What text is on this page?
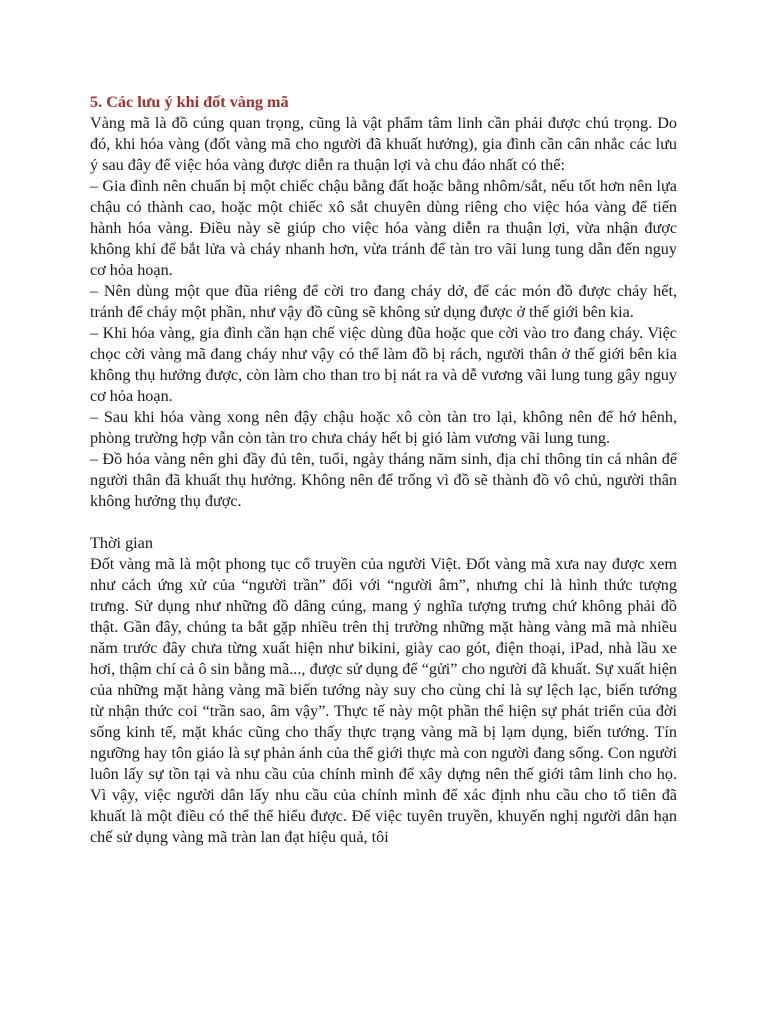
5. Các lưu ý khi đốt vàng mã

Vàng mã là đồ cúng quan trọng, cũng là vật phẩm tâm linh cần phải được chú trọng. Do đó, khi hóa vàng (đốt vàng mã cho người đã khuất hưởng), gia đình cần cân nhắc các lưu ý sau đây để việc hóa vàng được diễn ra thuận lợi và chu đáo nhất có thể:

– Gia đình nên chuẩn bị một chiếc chậu bằng đất hoặc bằng nhôm/sắt, nếu tốt hơn nên lựa chậu có thành cao, hoặc một chiếc xô sắt chuyên dùng riêng cho việc hóa vàng để tiến hành hóa vàng. Điều này sẽ giúp cho việc hóa vàng diễn ra thuận lợi, vừa nhận được không khí để bắt lửa và cháy nhanh hơn, vừa tránh để tàn tro vãi lung tung dẫn đến nguy cơ hỏa hoạn.

– Nên dùng một que đũa riêng để cời tro đang cháy dở, để các món đồ được cháy hết, tránh để cháy một phần, như vậy đồ cũng sẽ không sử dụng được ở thế giới bên kia.

– Khi hóa vàng, gia đình cần hạn chế việc dùng đũa hoặc que cời vào tro đang cháy. Việc chọc cời vàng mã đang cháy như vậy có thể làm đồ bị rách, người thân ở thế giới bên kia không thụ hưởng được, còn làm cho than tro bị nát ra và dễ vương vãi lung tung gây nguy cơ hỏa hoạn.

– Sau khi hóa vàng xong nên đậy chậu hoặc xô còn tàn tro lại, không nên để hớ hênh, phòng trường hợp vẫn còn tàn tro chưa cháy hết bị gió làm vương vãi lung tung.

– Đồ hóa vàng nên ghi đầy đủ tên, tuổi, ngày tháng năm sinh, địa chỉ thông tin cá nhân để người thân đã khuất thụ hưởng. Không nên để trống vì đồ sẽ thành đồ vô chủ, người thân không hưởng thụ được.

Thời gian

Đốt vàng mã là một phong tục cổ truyền của người Việt. Đốt vàng mã xưa nay được xem như cách ứng xử của “người trần” đối với “người âm”, nhưng chỉ là hình thức tượng trưng. Sử dụng như những đồ dâng cúng, mang ý nghĩa tượng trưng chứ không phải đồ thật. Gần đây, chúng ta bắt gặp nhiều trên thị trường những mặt hàng vàng mã mà nhiều năm trước đây chưa từng xuất hiện như bikini, giày cao gót, điện thoại, iPad, nhà lầu xe hơi, thậm chí cả ô sin bằng mã..., được sử dụng để “gửi” cho người đã khuất. Sự xuất hiện của những mặt hàng vàng mã biến tướng này suy cho cùng chỉ là sự lệch lạc, biến tướng từ nhận thức coi “trần sao, âm vậy”. Thực tế này một phần thể hiện sự phát triển của đời sống kinh tế, mặt khác cũng cho thấy thực trạng vàng mã bị lạm dụng, biến tướng. Tín ngưỡng hay tôn giáo là sự phản ánh của thế giới thực mà con người đang sống. Con người luôn lấy sự tồn tại và nhu cầu của chính mình để xây dựng nên thế giới tâm linh cho họ. Vì vậy, việc người dân lấy nhu cầu của chính mình để xác định nhu cầu cho tổ tiên đã khuất là một điều có thể thể hiểu được. Để việc tuyên truyền, khuyến nghị người dân hạn chế sử dụng vàng mã tràn lan đạt hiệu quả, tôi
